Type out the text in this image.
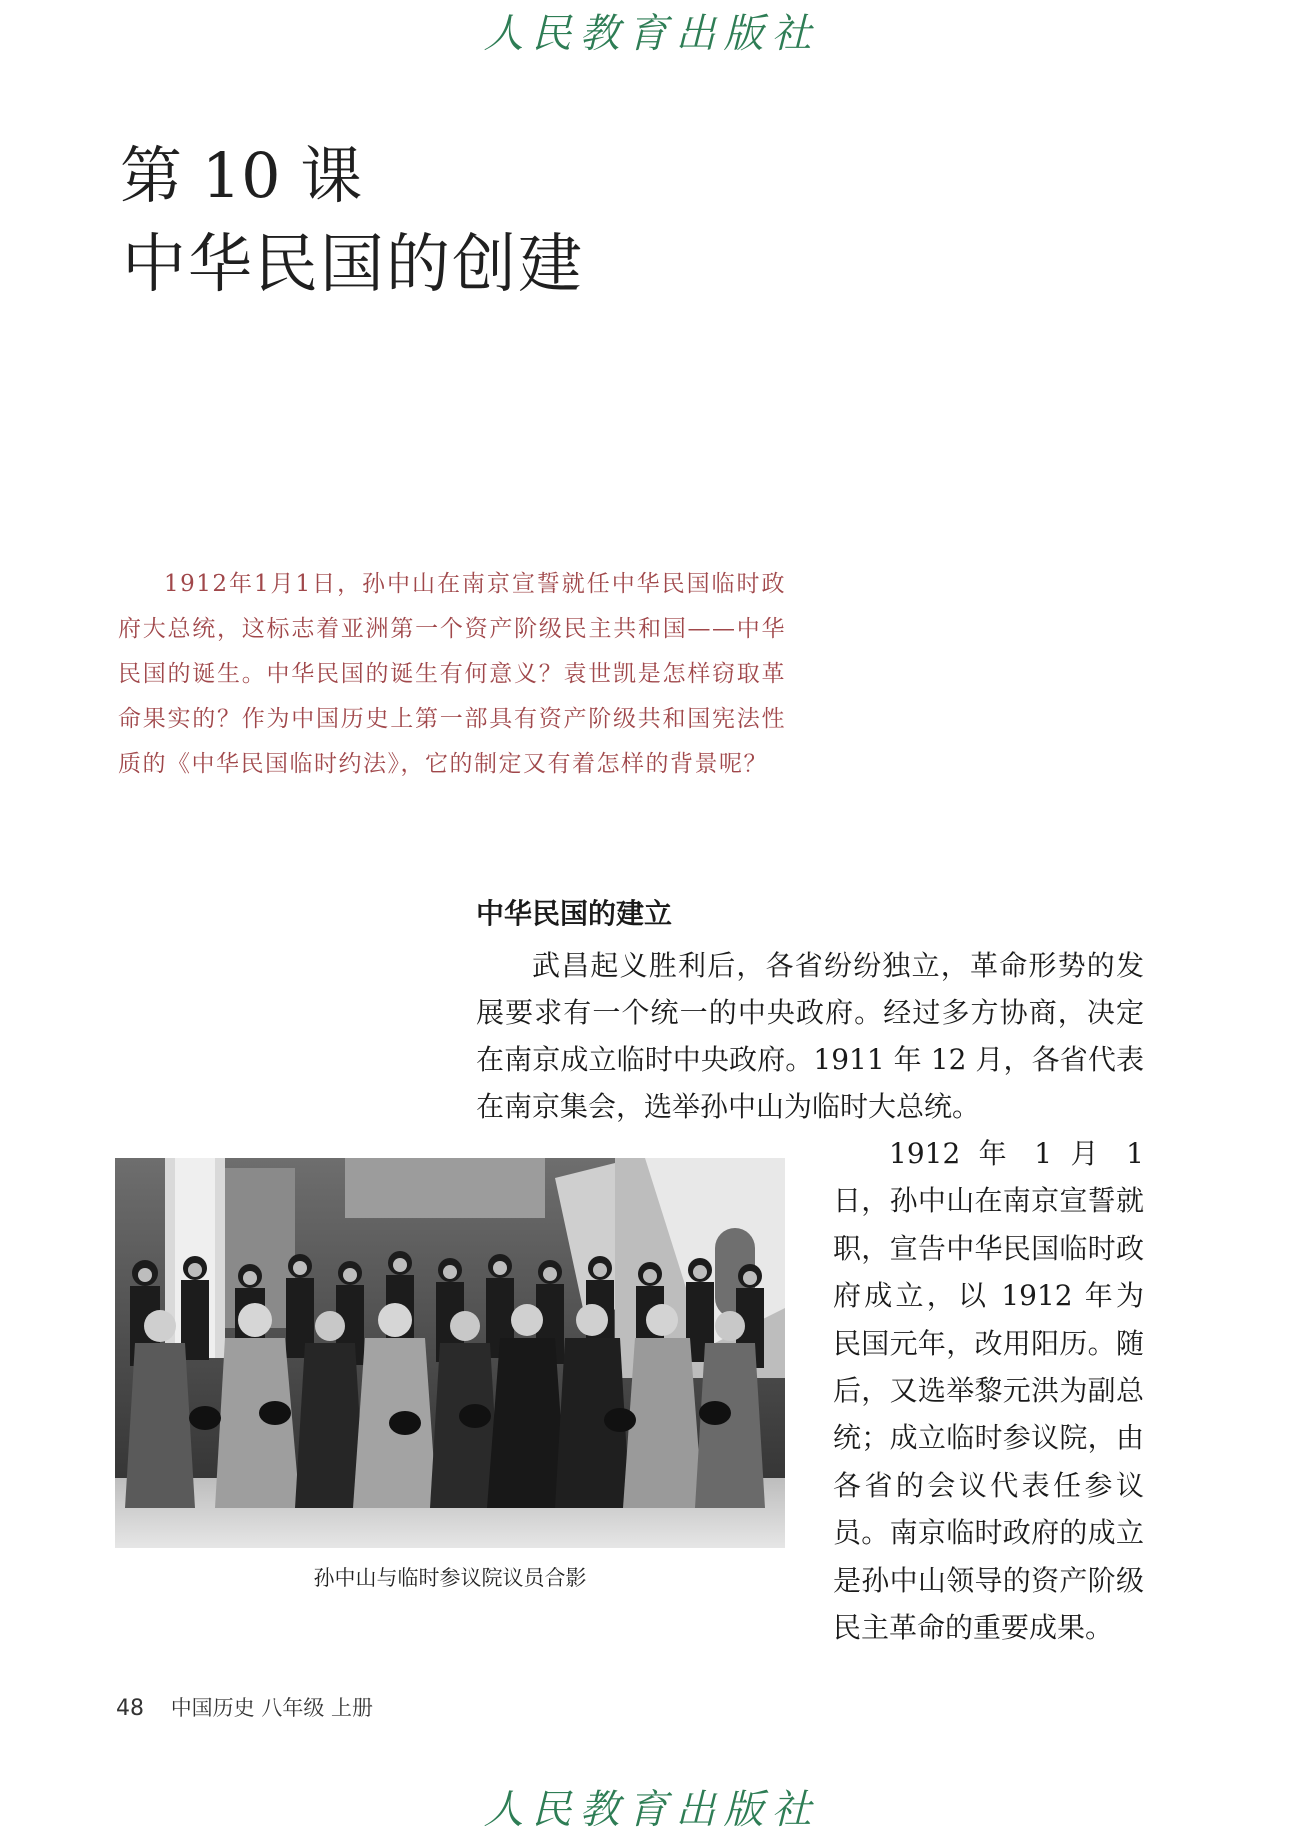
人民教育出版社
第 10 课
中华民国的创建

1912年1月1日，孙中山在南京宣誓就任中华民国临时政府大总统，这标志着亚洲第一个资产阶级民主共和国——中华民国的诞生。中华民国的诞生有何意义？袁世凯是怎样窃取革命果实的？作为中国历史上第一部具有资产阶级共和国宪法性质的《中华民国临时约法》，它的制定又有着怎样的背景呢？

中华民国的建立

武昌起义胜利后，各省纷纷独立，革命形势的发展要求有一个统一的中央政府。经过多方协商，决定在南京成立临时中央政府。1911 年 12 月，各省代表在南京集会，选举孙中山为临时大总统。

孙中山与临时参议院议员合影

1912 年 1 月 1 日，孙中山在南京宣誓就职，宣告中华民国临时政府成立，以 1912 年为民国元年，改用阳历。随后，又选举黎元洪为副总统；成立临时参议院，由各省的会议代表任参议员。南京临时政府的成立是孙中山领导的资产阶级民主革命的重要成果。

48 中国历史 八年级 上册
人民教育出版社
